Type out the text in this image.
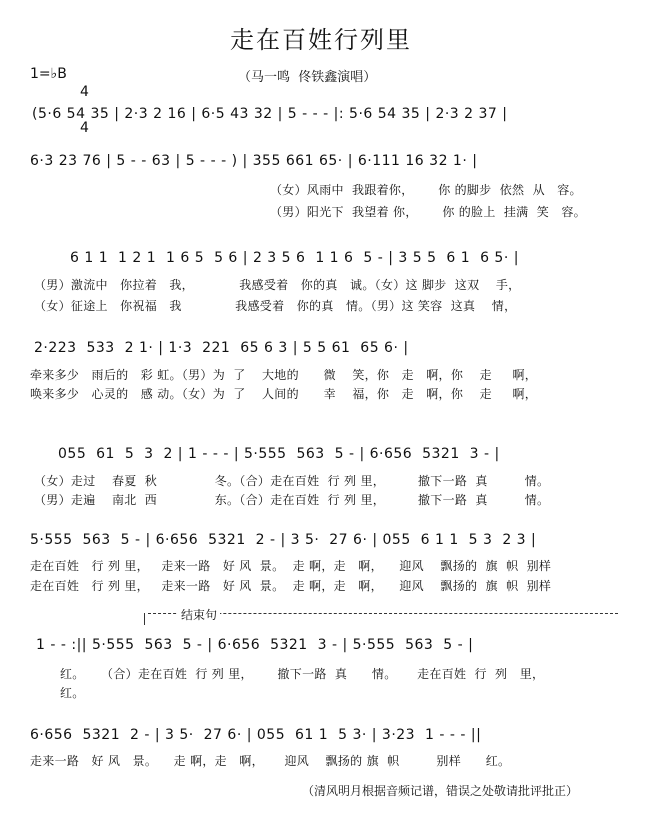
走在百姓行列里
1=♭B

4

4

（马一鸣  佟铁鑫演唱）
(5·6 54 35 | 2·3 2 16 | 6·5 43 32 | 5 - - - |: 5·6 54 35 | 2·3 2 37 |
6·3 23 76 | 5 - - 63 | 5 - - - ) | 355 661 65· | 6·111 16 32 1· |
（女）风雨中  我跟着你，      你 的脚步  依然  从   容。
（男）阳光下  我望着 你，      你 的脸上  挂满  笑   容。
6 1 1  1 2 1  1 6 5  5 6 | 2 3 5 6  1 1 6  5 - | 3 5 5  6 1  6 5· |
（男）激流中   你拉着   我，           我感受着   你的真   诚。（女）这 脚步  这双    手，
（女）征途上   你祝福   我             我感受着   你的真   情。（男）这 笑容  这真    情，
2·223  533  2 1· | 1·3  221  65 6 3 | 5 5 61  65 6· |
牵来多少   雨后的   彩 虹。（男）为  了    大地的      微    笑，你   走   啊，你    走     啊，
唤来多少   心灵的   感 动。（女）为  了    人间的      幸    福，你   走   啊，你    走     啊，
055  61  5  3  2 | 1 - - - | 5·555  563  5 - | 6·656  5321  3 - |
（女）走过    春夏  秋              冬。（合）走在百姓  行 列 里，        撤下一路  真         情。
（男）走遍    南北  西              东。（合）走在百姓  行 列 里，        撤下一路  真         情。
5·555  563  5 - | 6·656  5321  2 - | 3 5·  27 6· | 055  6 1 1  5 3  2 3 |
走在百姓   行 列 里，   走来一路   好 风  景。  走 啊，走   啊，    迎风    飘扬的  旗  帜  别样
走在百姓   行 列 里，   走来一路   好 风  景。  走 啊，走   啊，    迎风    飘扬的  旗  帜  别样
结束句
1 - - :|| 5·555  563  5 - | 6·656  5321  3 - | 5·555  563  5 - |
红。    （合）走在百姓  行 列 里，      撤下一路  真      情。     走在百姓  行  列   里，
红。
6·656  5321  2 - | 3 5·  27 6· | 055  61 1  5 3· | 3·23  1 - - - ||
走来一路   好 风   景。    走 啊，走   啊，     迎风    飘扬的 旗  帜         别样      红。
（清风明月根据音频记谱，错误之处敬请批评批正）
